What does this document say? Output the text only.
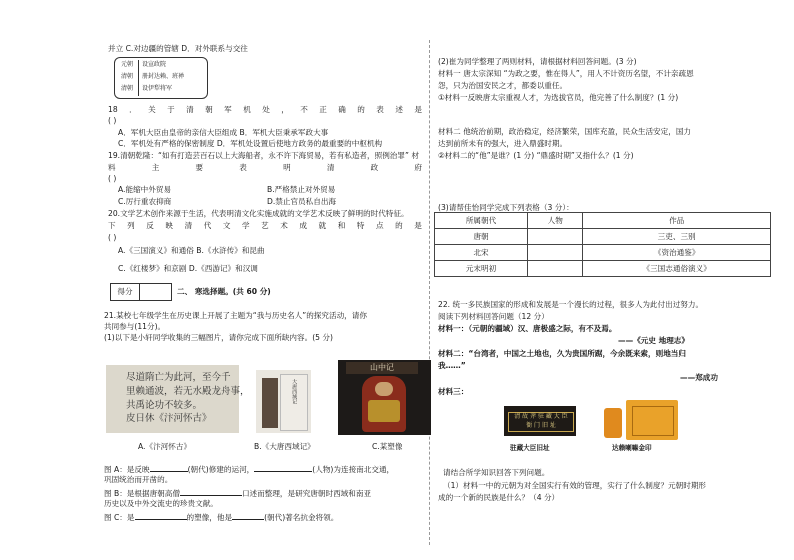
并立 C.对边疆的管辖 D．对外联系与交往
元朝 设宣政院
清朝 册封达赖、班禅
清朝 设伊犁将军
18 ． 关 于 清 朝 军 机 处 ， 不 正 确 的 表 述 是
( )
A．军机大臣由皇帝的亲信大臣组成 B．军机大臣秉承军政大事
C．军机处有严格的保密制度 D．军机处设置后使地方政务的最重要的中枢机构
19.清朝乾隆：“如有打造芸百石以上大海船者，永不许下海贸易，若有私造者，照例治罪” 材
料	主	要	表	明	清	政	府
( )
A.能缩中外贸易	B.严格禁止对外贸易
C.厉行重农抑商	D.禁止官员私自出海
20.文学艺术创作来源于生活，代表明清文化实施成就的文学艺术反映了鲜明的时代特征。
下 列 反 映 清 代 文 学 艺 术 成 就 和 特 点 的 是
( )
A.《三国演义》和通俗 B.《水浒传》和昆曲
C.《红楼梦》和京剧 D.《西游记》和汉调
得分	二、 寒选择题。(共 60 分)
21.某校七年级学生在历史课上开展了主题为“我与历史名人”的探究活动，请你
共同参与(11分)。
(1)以下是小轩同学收集的三幅图片，请你完成下面所缺内容。(5 分)
尽道隋亡为此河，至今千
里赖通波，若无水殿龙舟事，
共禹论功不较多。
皮日休《汴河怀古》
大唐西域记
山中记
A.《汴河怀古》	B.《大唐西域记》	C.某塑像
图 A：是反映	(朝代)修建的运河，	(人物)为连接南北交通，
巩固统治而开凿的。
图 B：是根据唐朝高僧	口述而整理，是研究唐朝时西域和南亚
历史以及中外交流史的珍贵文献。
图 C：是	的塑像，他是	(朝代)著名抗金将领。
(2)崔为同学整理了两则材料，请根据材料回答问题。(3 分)
材料一 唐太宗深知 “为政之要，惟在得人”，用人不计资历名望，不计亲疏恩
怨，只为治国安民之才，都委以重任。
①材料一反映唐太宗重视人才，为选拔官员，他完善了什么制度？(1 分)
材料二 他统治前期，政治稳定，经济繁荣，国库充盈，民众生活安定，国力
达到前所未有的强大，进入鼎盛时期。
②材料二的“他”是谁？(1 分) “鼎盛时期”又指什么？(1 分)
(3)请帮佳怡同学完成下列表格（3 分）：
所属朝代	人物	作品
唐朝		三吏、三别
北宋		《资治通鉴》
元末明初		《三国志通俗演义》
22. 统一多民族国家的形成和发展是一个漫长的过程，很多人为此付出过努力。
阅读下列材料回答问题（12 分）
材料一：（元朝的疆域）汉、唐极盛之际，有不及焉。
——《元史 地理志》
材料二：“台湾者，中国之土地也，久为贵国所踞，今余既来索，则地当归
我……”
——郑成功
材料三：
清 故 斧 驻 藏 大 臣
衙 门 旧 址
驻藏大臣旧址	达赖喇嘛金印
请结合所学知识回答下列问题。
（1）材料一中的元朝为对全国实行有效的管理，实行了什么制度？元朝时期形
成的一个新的民族是什么？（4 分）
